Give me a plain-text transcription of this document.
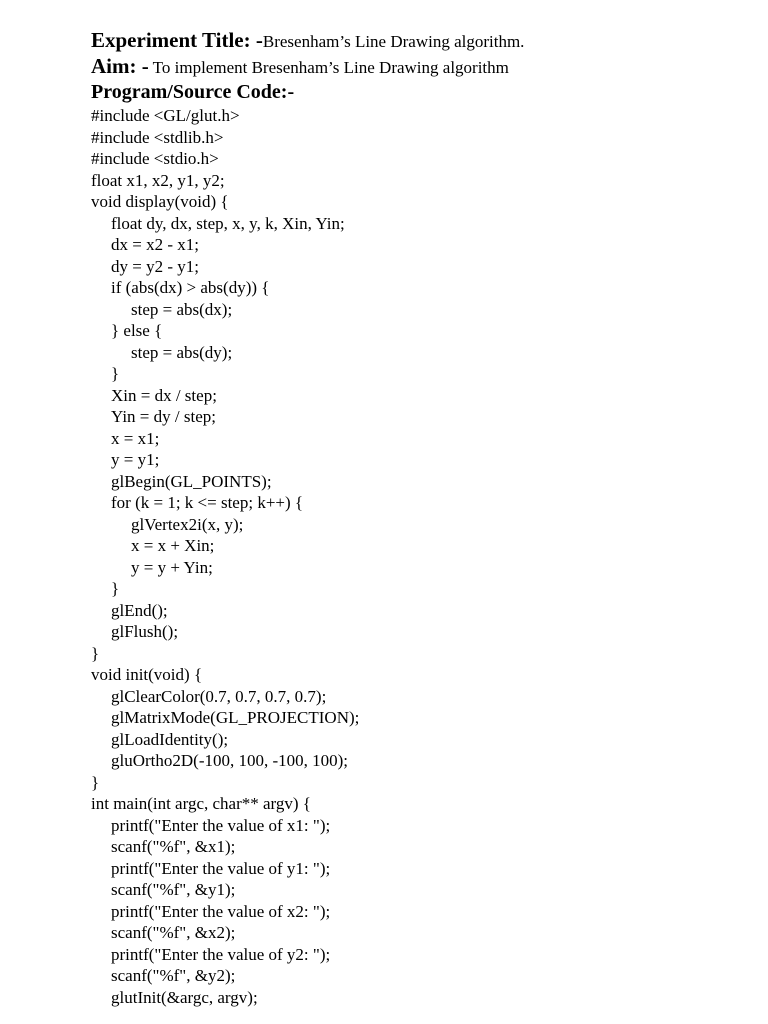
Experiment Title: -Bresenham’s Line Drawing algorithm.
Aim: - To implement Bresenham’s Line Drawing algorithm
Program/Source Code:-
#include <GL/glut.h>
#include <stdlib.h>
#include <stdio.h>
float x1, x2, y1, y2;
void display(void) {
float dy, dx, step, x, y, k, Xin, Yin;
dx = x2 - x1;
dy = y2 - y1;
if (abs(dx) > abs(dy)) {
step = abs(dx);
} else {
step = abs(dy);
}
Xin = dx / step;
Yin = dy / step;
x = x1;
y = y1;
glBegin(GL_POINTS);
for (k = 1; k <= step; k++) {
glVertex2i(x, y);
x = x + Xin;
y = y + Yin;
}
glEnd();
glFlush();
}
void init(void) {
glClearColor(0.7, 0.7, 0.7, 0.7);
glMatrixMode(GL_PROJECTION);
glLoadIdentity();
gluOrtho2D(-100, 100, -100, 100);
}
int main(int argc, char** argv) {
printf("Enter the value of x1: ");
scanf("%f", &x1);
printf("Enter the value of y1: ");
scanf("%f", &y1);
printf("Enter the value of x2: ");
scanf("%f", &x2);
printf("Enter the value of y2: ");
scanf("%f", &y2);
glutInit(&argc, argv);
